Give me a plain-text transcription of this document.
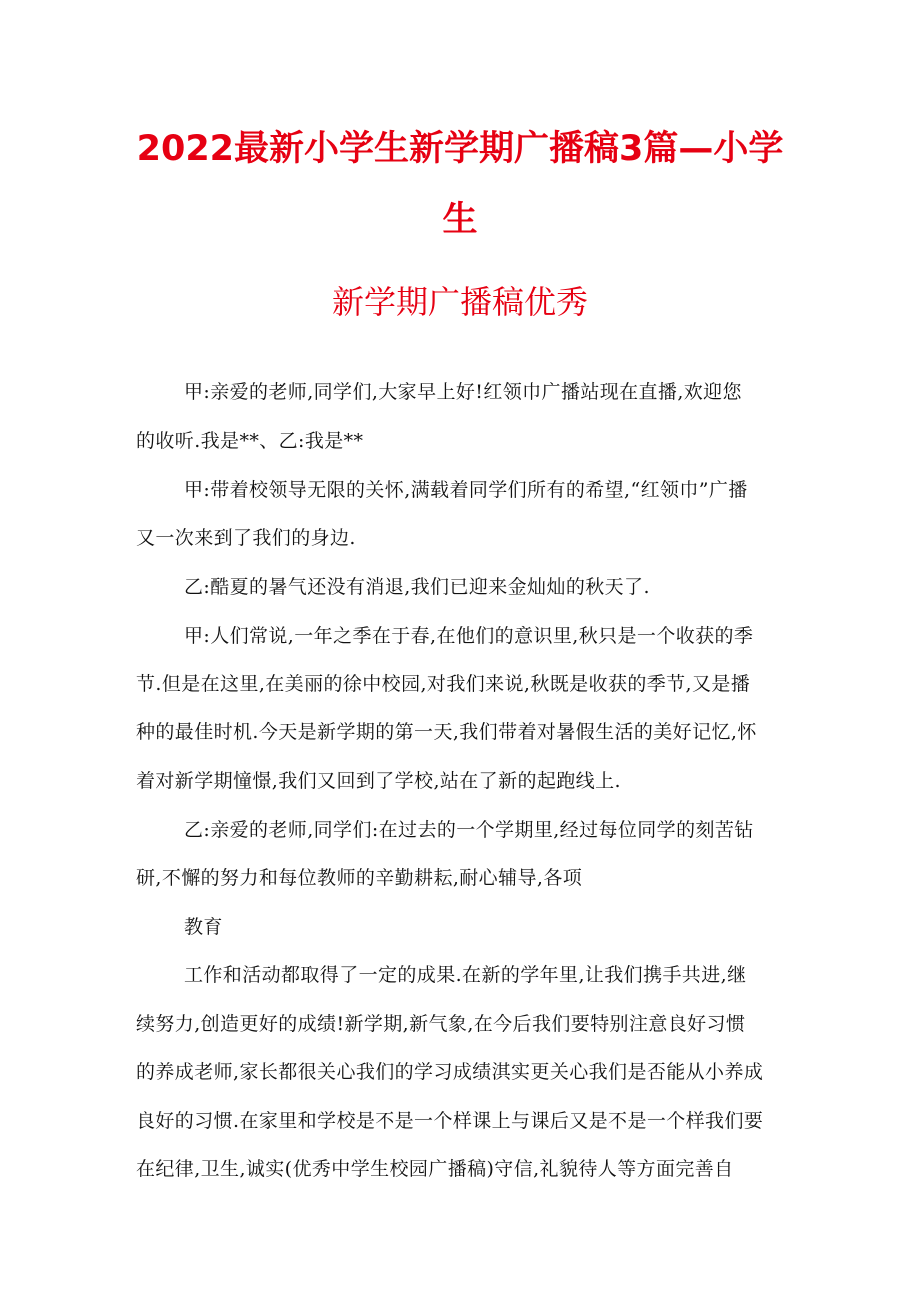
2022最新小学生新学期广播稿3篇—小学
生
新学期广播稿优秀
甲:亲爱的老师,同学们,大家早上好!红领巾广播站现在直播,欢迎您
的收听.我是**、乙:我是**
甲:带着校领导无限的关怀,满载着同学们所有的希望,“红领巾”广播
又一次来到了我们的身边.
乙:酷夏的暑气还没有消退,我们已迎来金灿灿的秋天了.
甲:人们常说,一年之季在于春,在他们的意识里,秋只是一个收获的季
节.但是在这里,在美丽的徐中校园,对我们来说,秋既是收获的季节,又是播
种的最佳时机.今天是新学期的第一天,我们带着对暑假生活的美好记忆,怀
着对新学期憧憬,我们又回到了学校,站在了新的起跑线上.
乙:亲爱的老师,同学们:在过去的一个学期里,经过每位同学的刻苦钻
研,不懈的努力和每位教师的辛勤耕耘,耐心辅导,各项
教育
工作和活动都取得了一定的成果.在新的学年里,让我们携手共进,继
续努力,创造更好的成绩!新学期,新气象,在今后我们要特别注意良好习惯
的养成老师,家长都很关心我们的学习成绩淇实更关心我们是否能从小养成
良好的习惯.在家里和学校是不是一个样课上与课后又是不是一个样我们要
在纪律,卫生,诚实(优秀中学生校园广播稿)守信,礼貌待人等方面完善自
